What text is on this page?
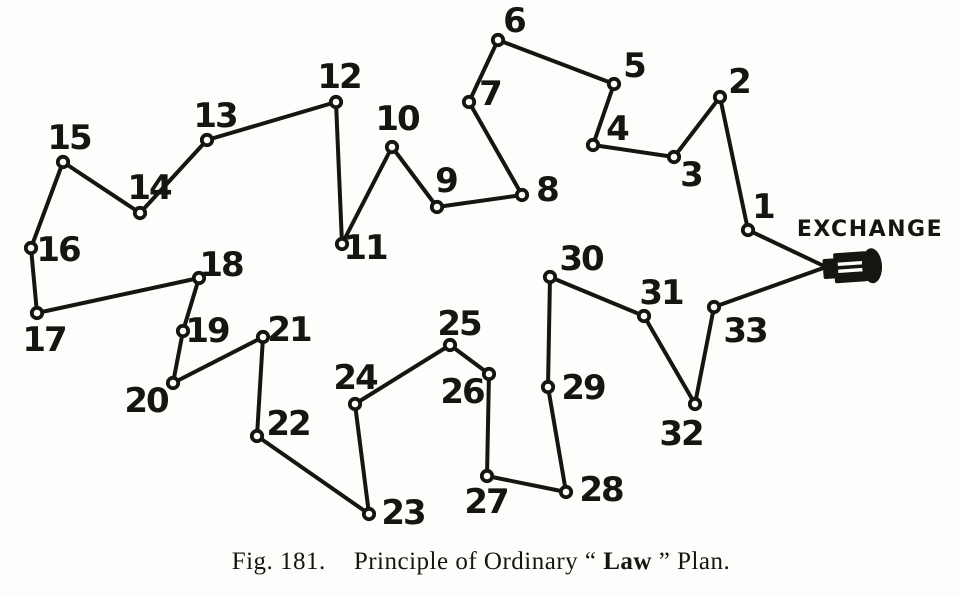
EXCHANGE
1
2
3
4
5
6
7
8
9
10
11
12
13
14
15
16
17
18
19
20
21
22
23
24
25
26
27 28
29
30
31
32
33
Fig. 181. Principle of Ordinary “ Law ” Plan.
